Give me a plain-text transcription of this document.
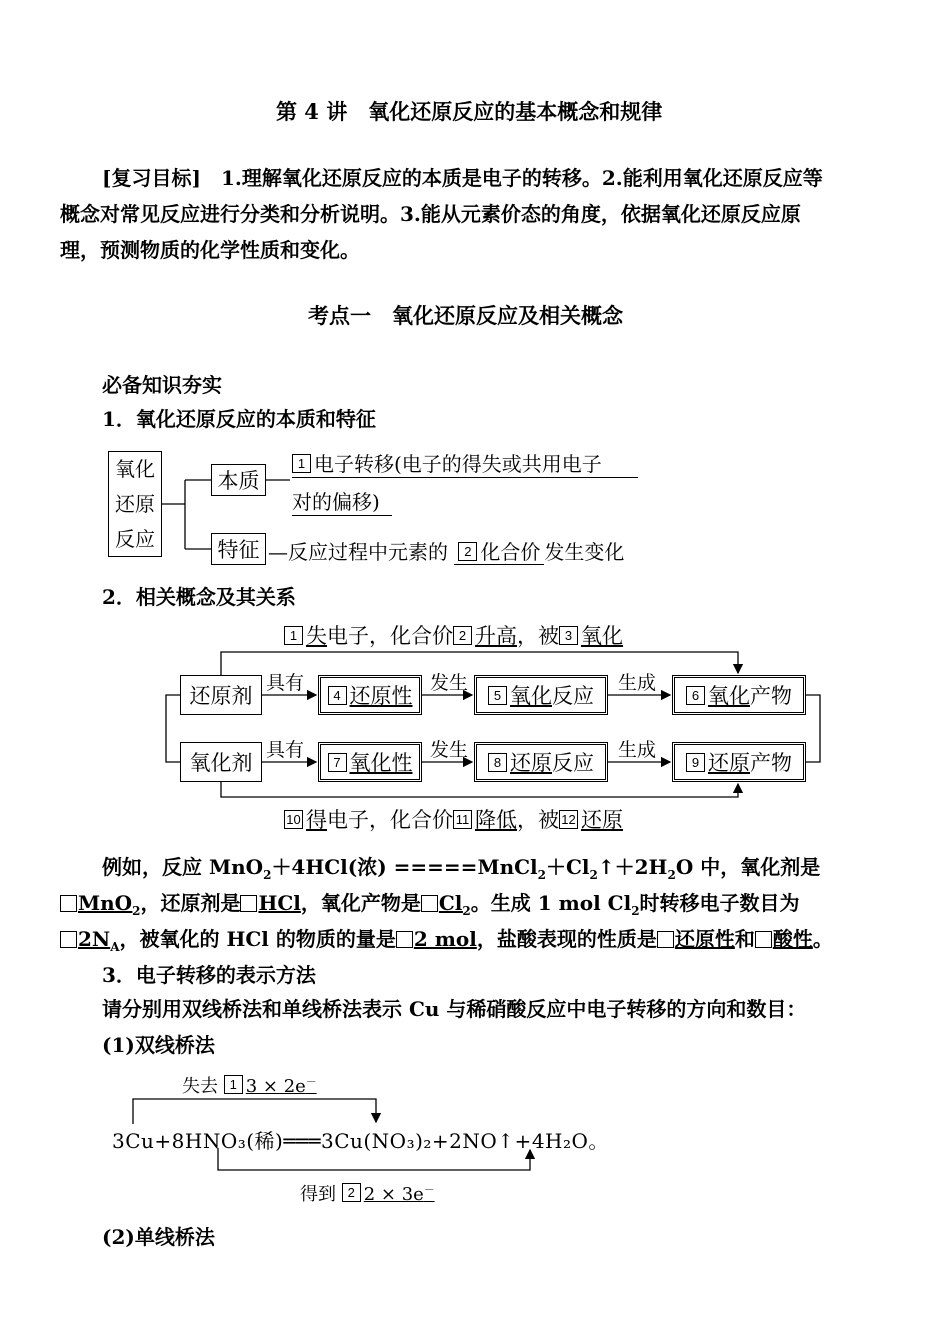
第 4 讲　氧化还原反应的基本概念和规律
[复习目标]　 1.理解氧化还原反应的本质是电子的转移。2.能利用氧化还原反应等
概念对常见反应进行分类和分析说明。3.能从元素价态的角度，依据氧化还原反应原
理，预测物质的化学性质和变化。
考点一　氧化还原反应及相关概念
必备知识夯实
1．氧化还原反应的本质和特征
氧化
还原
反应
本质
特征
1 电子转移(电子的得失或共用电子
对的偏移)
—反应过程中元素的 2 化合价 发生变化
2．相关概念及其关系
1 失电子，化合价 2 升高，被 3 氧化
还原剂	4 还原性	5 氧化 反应	6 氧化 产物
氧化剂	7 氧化性	8 还原 反应	9 还原 产物
具有	发生	生成
具有	发生	生成
10 得电子，化合价 11 降低，被 12 还原
例如，反应 MnO$_2$＋4HCl(浓) $=====MnCl_2+Cl_2↑+2H_2O$ 中，氧化剂是
MnO$_2$，还原剂是 HCl，氧化产物是 $Cl_2$。生成 1 mol $Cl_2$时转移电子数目为
$2N_A$，被氧化的 HCl 的物质的量是 2 mol，盐酸表现的性质是 还原性和 酸性。
3．电子转移的表示方法
请分别用双线桥法和单线桥法表示 Cu 与稀硝酸反应中电子转移的方向和数目：
(1)双线桥法
失去 1 3 × 2e－
3Cu+8HNO₃(稀)═══3Cu(NO₃)₂+2NO↑+4H₂O。
得到 2 2 × 3e－
(2)单线桥法
